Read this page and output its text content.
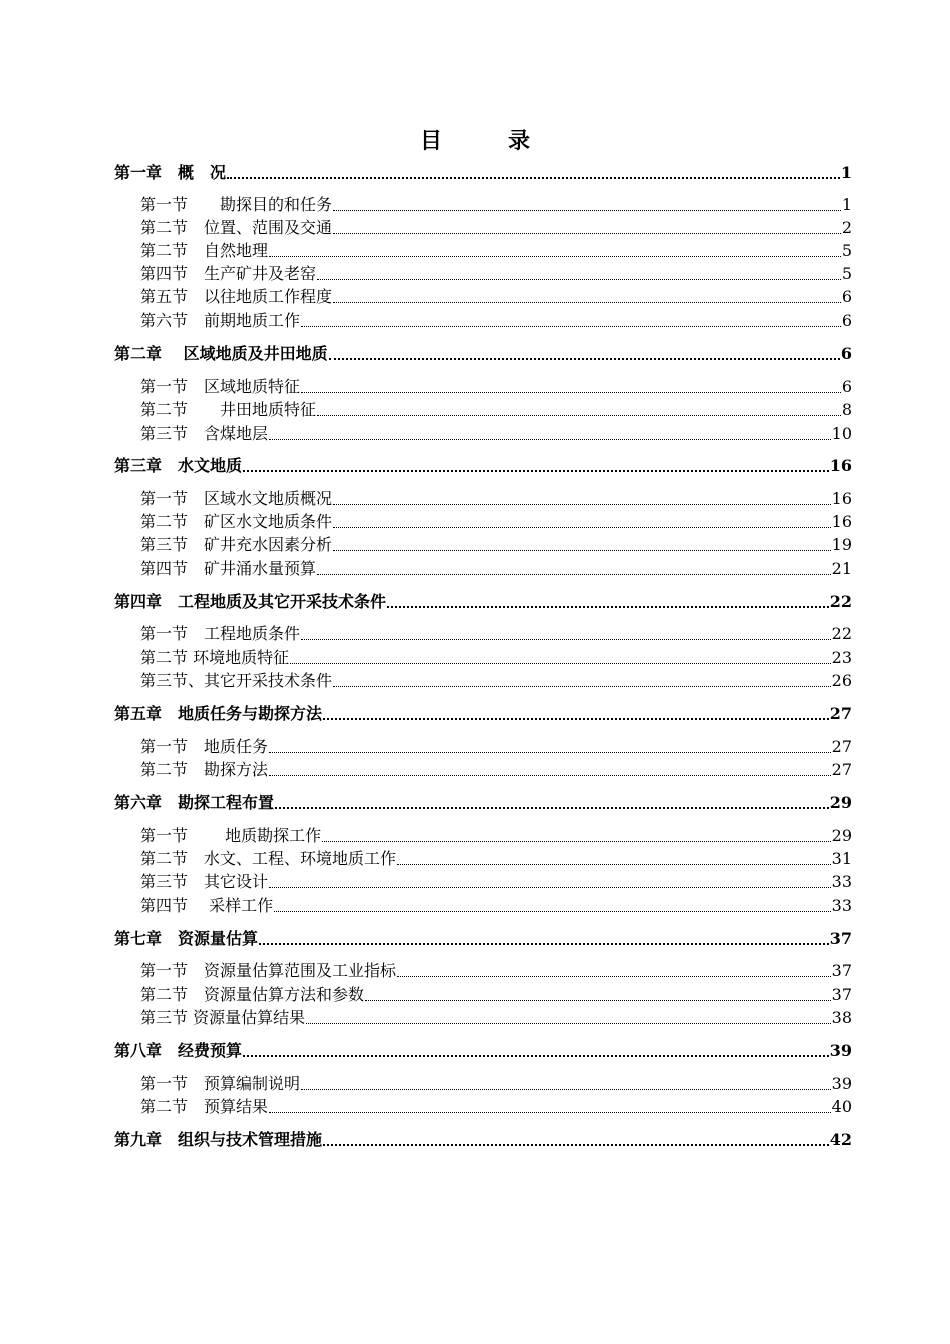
目	录
第一章　概　况	1
第一节　　勘探目的和任务	1
第二节　位置、范围及交通	2
第二节　自然地理	5
第四节　生产矿井及老窑	5
第五节　以往地质工作程度	6
第六节　前期地质工作	6
第二章　 区域地质及井田地质	6
第一节　区域地质特征	6
第二节　　井田地质特征	8
第三节　含煤地层	10
第三章　水文地质	16
第一节　区域水文地质概况	16
第二节　矿区水文地质条件	16
第三节　矿井充水因素分析	19
第四节　矿井涌水量预算	21
第四章　工程地质及其它开采技术条件	22
第一节　工程地质条件	22
第二节 环境地质特征	23
第三节、其它开采技术条件	26
第五章　地质任务与勘探方法	27
第一节　地质任务	27
第二节　勘探方法	27
第六章　勘探工程布置	29
第一节　　 地质勘探工作	29
第二节　水文、工程、环境地质工作	31
第三节　其它设计	33
第四节　 采样工作	33
第七章　资源量估算	37
第一节　资源量估算范围及工业指标	37
第二节　资源量估算方法和参数	37
第三节 资源量估算结果	38
第八章　经费预算	39
第一节　预算编制说明	39
第二节　预算结果	40
第九章　组织与技术管理措施	42
